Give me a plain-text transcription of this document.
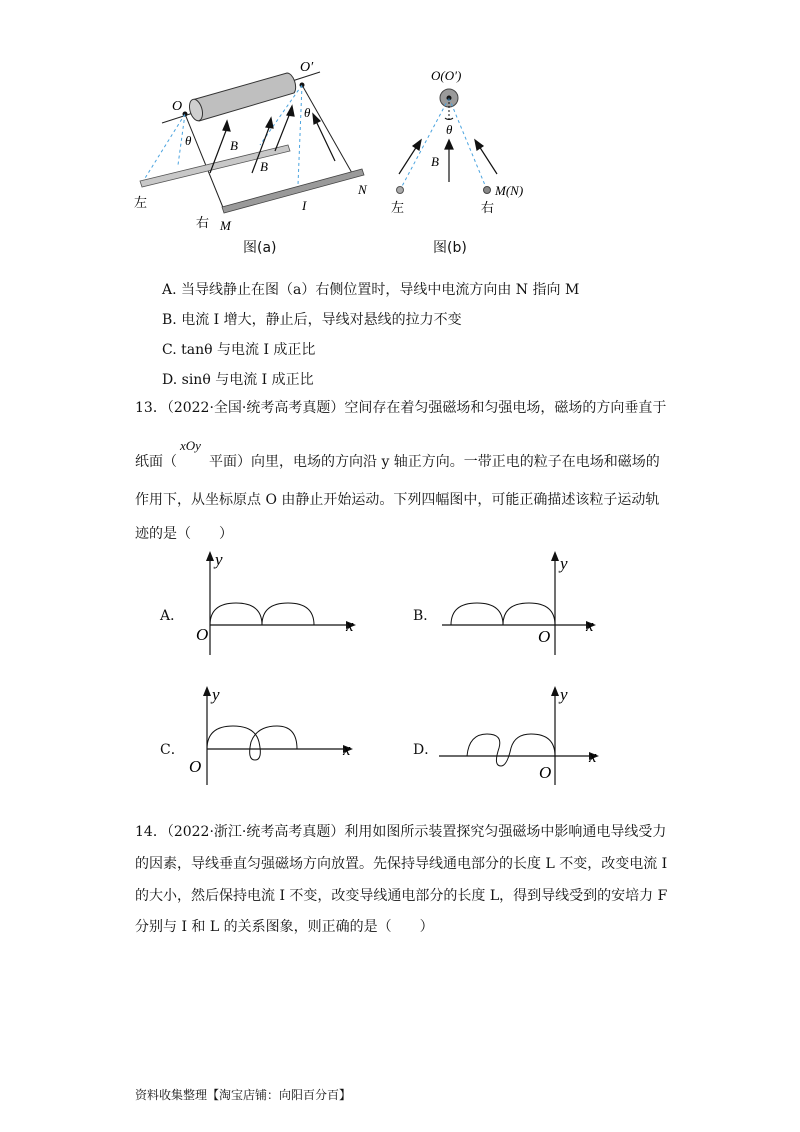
O
O′
θ
θ
B
B
N
M
I
左
右
图(a)
O(O′)
θ
B
M(N)
左	右
图(b)
A. 当导线静止在图（a）右侧位置时，导线中电流方向由 N 指向 M
B. 电流 I 增大，静止后，导线对悬线的拉力不变
C. tanθ 与电流 I 成正比
D. sinθ 与电流 I 成正比
13．（2022·全国·统考高考真题）空间存在着匀强磁场和匀强电场，磁场的方向垂直于
xOy
纸面（ 平面）向里，电场的方向沿 y 轴正方向。一带正电的粒子在电场和磁场的
作用下，从坐标原点 O 由静止开始运动。下列四幅图中，可能正确描述该粒子运动轨
迹的是（　　）
A．
y
x
O
B．
y
x
O
C．
y
x
O
D．
y
x
O
14．（2022·浙江·统考高考真题）利用如图所示装置探究匀强磁场中影响通电导线受力
的因素，导线垂直匀强磁场方向放置。先保持导线通电部分的长度 L 不变，改变电流 I
的大小，然后保持电流 I 不变，改变导线通电部分的长度 L，得到导线受到的安培力 F
分别与 I 和 L 的关系图象，则正确的是（　　）
资料收集整理【淘宝店铺：向阳百分百】
